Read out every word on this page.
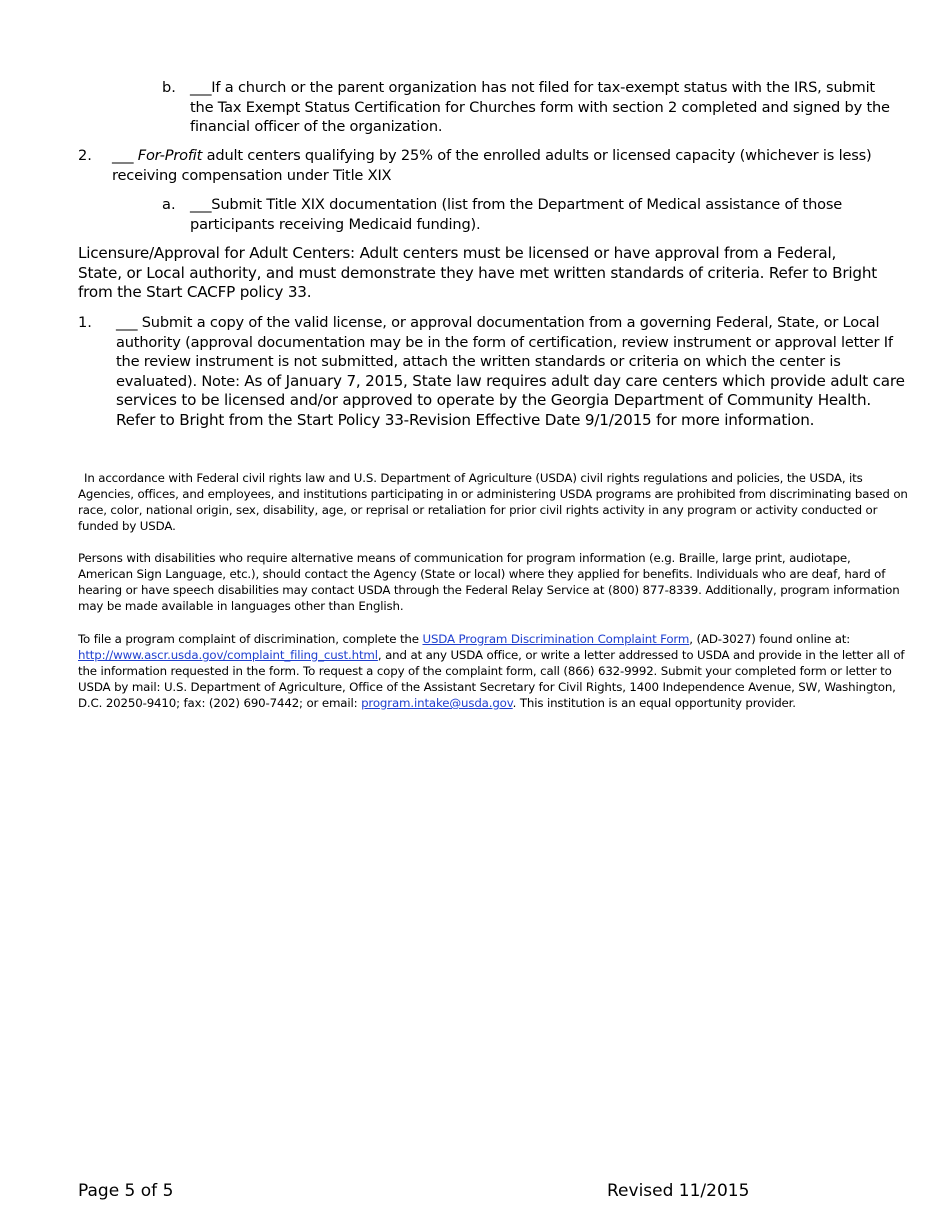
b. ___If a church or the parent organization has not filed for tax-exempt status with the IRS, submit the Tax Exempt Status Certification for Churches form with section 2 completed and signed by the financial officer of the organization.
2. ___ For-Profit adult centers qualifying by 25% of the enrolled adults or licensed capacity (whichever is less) receiving compensation under Title XIX
a. ___Submit Title XIX documentation (list from the Department of Medical assistance of those participants receiving Medicaid funding).
Licensure/Approval for Adult Centers: Adult centers must be licensed or have approval from a Federal, State, or Local authority, and must demonstrate they have met written standards of criteria. Refer to Bright from the Start CACFP policy 33.
1. ___ Submit a copy of the valid license, or approval documentation from a governing Federal, State, or Local authority (approval documentation may be in the form of certification, review instrument or approval letter If the review instrument is not submitted, attach the written standards or criteria on which the center is evaluated). Note: As of January 7, 2015, State law requires adult day care centers which provide adult care services to be licensed and/or approved to operate by the Georgia Department of Community Health. Refer to Bright from the Start Policy 33-Revision Effective Date 9/1/2015 for more information.
In accordance with Federal civil rights law and U.S. Department of Agriculture (USDA) civil rights regulations and policies, the USDA, its Agencies, offices, and employees, and institutions participating in or administering USDA programs are prohibited from discriminating based on race, color, national origin, sex, disability, age, or reprisal or retaliation for prior civil rights activity in any program or activity conducted or funded by USDA.
Persons with disabilities who require alternative means of communication for program information (e.g. Braille, large print, audiotape, American Sign Language, etc.), should contact the Agency (State or local) where they applied for benefits. Individuals who are deaf, hard of hearing or have speech disabilities may contact USDA through the Federal Relay Service at (800) 877-8339. Additionally, program information may be made available in languages other than English.
To file a program complaint of discrimination, complete the USDA Program Discrimination Complaint Form, (AD-3027) found online at: http://www.ascr.usda.gov/complaint_filing_cust.html, and at any USDA office, or write a letter addressed to USDA and provide in the letter all of the information requested in the form. To request a copy of the complaint form, call (866) 632-9992. Submit your completed form or letter to USDA by mail: U.S. Department of Agriculture, Office of the Assistant Secretary for Civil Rights, 1400 Independence Avenue, SW, Washington, D.C. 20250-9410; fax: (202) 690-7442; or email: program.intake@usda.gov. This institution is an equal opportunity provider.
Page 5 of 5	Revised 11/2015
